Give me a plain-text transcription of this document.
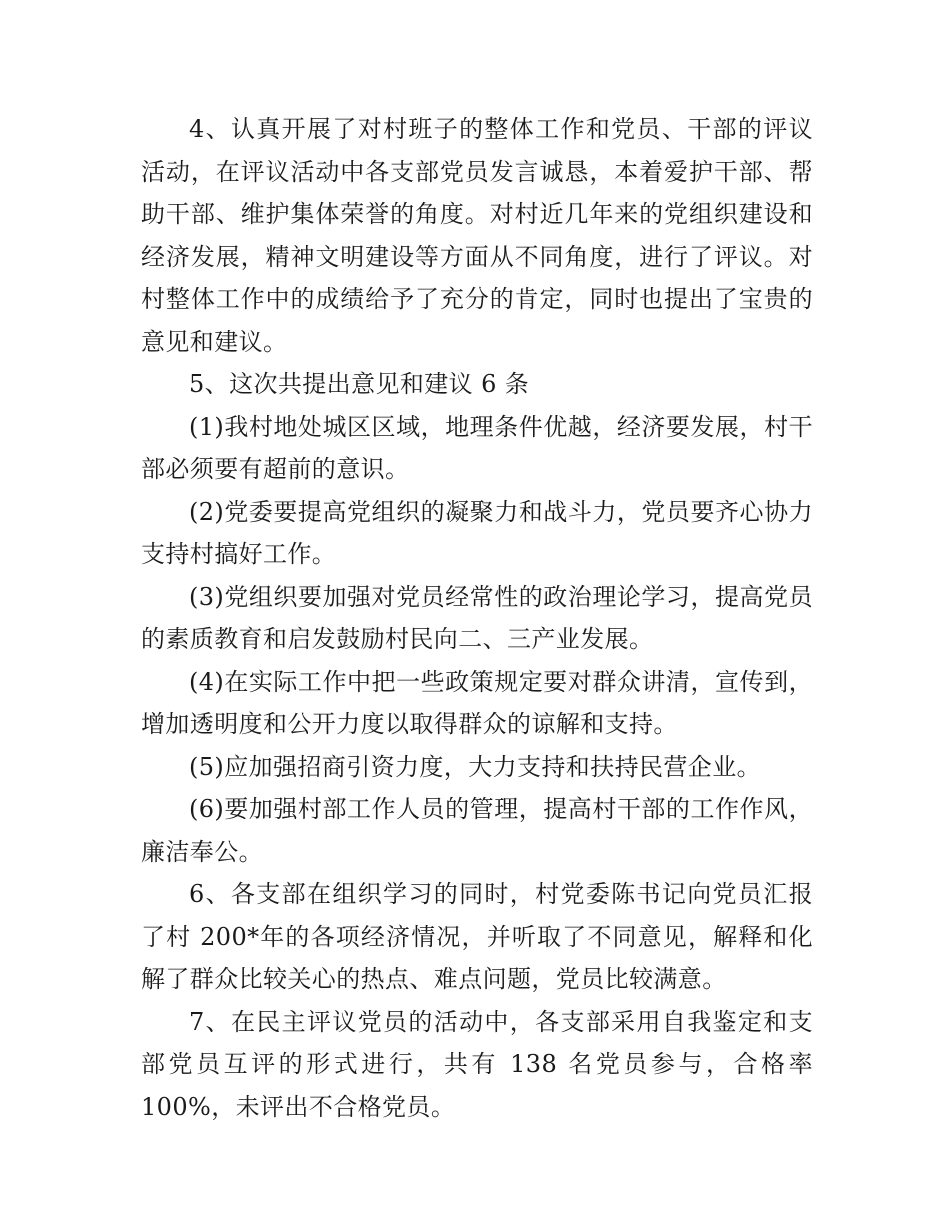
4、认真开展了对村班子的整体工作和党员、干部的评议活动，在评议活动中各支部党员发言诚恳，本着爱护干部、帮助干部、维护集体荣誉的角度。对村近几年来的党组织建设和经济发展，精神文明建设等方面从不同角度，进行了评议。对村整体工作中的成绩给予了充分的肯定，同时也提出了宝贵的意见和建议。

5、这次共提出意见和建议 6 条

(1)我村地处城区区域，地理条件优越，经济要发展，村干部必须要有超前的意识。

(2)党委要提高党组织的凝聚力和战斗力，党员要齐心协力支持村搞好工作。

(3)党组织要加强对党员经常性的政治理论学习，提高党员的素质教育和启发鼓励村民向二、三产业发展。

(4)在实际工作中把一些政策规定要对群众讲清，宣传到，增加透明度和公开力度以取得群众的谅解和支持。

(5)应加强招商引资力度，大力支持和扶持民营企业。

(6)要加强村部工作人员的管理，提高村干部的工作作风，廉洁奉公。

6、各支部在组织学习的同时，村党委陈书记向党员汇报了村 200*年的各项经济情况，并听取了不同意见，解释和化解了群众比较关心的热点、难点问题，党员比较满意。

7、在民主评议党员的活动中，各支部采用自我鉴定和支部党员互评的形式进行，共有 138 名党员参与，合格率 100%，未评出不合格党员。
